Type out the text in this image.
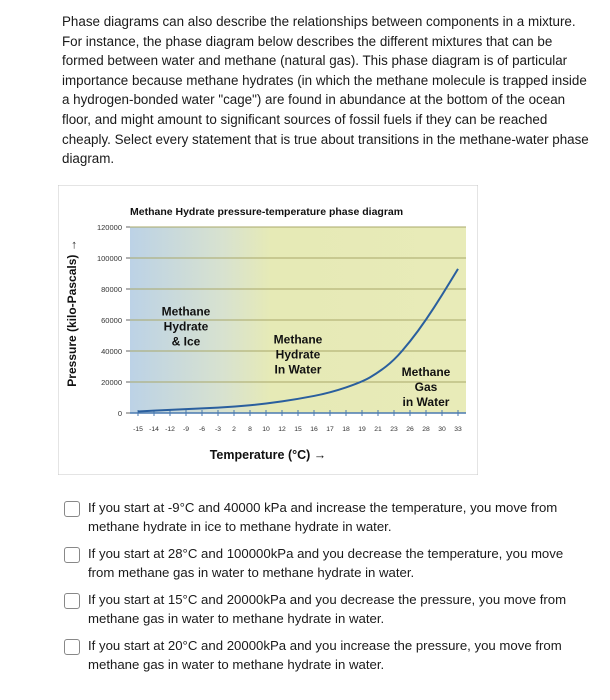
Phase diagrams can also describe the relationships between components in a mixture. For instance, the phase diagram below describes the different mixtures that can be formed between water and methane (natural gas). This phase diagram is of particular importance because methane hydrates (in which the methane molecule is trapped inside a hydrogen-bonded water "cage") are found in abundance at the bottom of the ocean floor, and might amount to significant sources of fossil fuels if they can be reached cheaply. Select every statement that is true about transitions in the methane-water phase diagram.
Methane Hydrate pressure-temperature phase diagram
0
20000
40000
60000
80000
100000
120000
-15 -14 -12 -9 -6 -3 2 8 10 12 15 16 17 18 19 21 23 26 28 30 33
Methane Hydrate & Ice	Methane Hydrate In Water	Methane Gas in Water
Temperature (°C) →
Pressure (kilo-Pascals) →
If you start at -9°C and 40000 kPa and increase the temperature, you move from methane hydrate in ice to methane hydrate in water.
If you start at 28°C and 100000kPa and you decrease the temperature, you move from methane gas in water to methane hydrate in water.
If you start at 15°C and 20000kPa and you decrease the pressure, you move from methane gas in water to methane hydrate in water.
If you start at 20°C and 20000kPa and you increase the pressure, you move from methane gas in water to methane hydrate in water.
